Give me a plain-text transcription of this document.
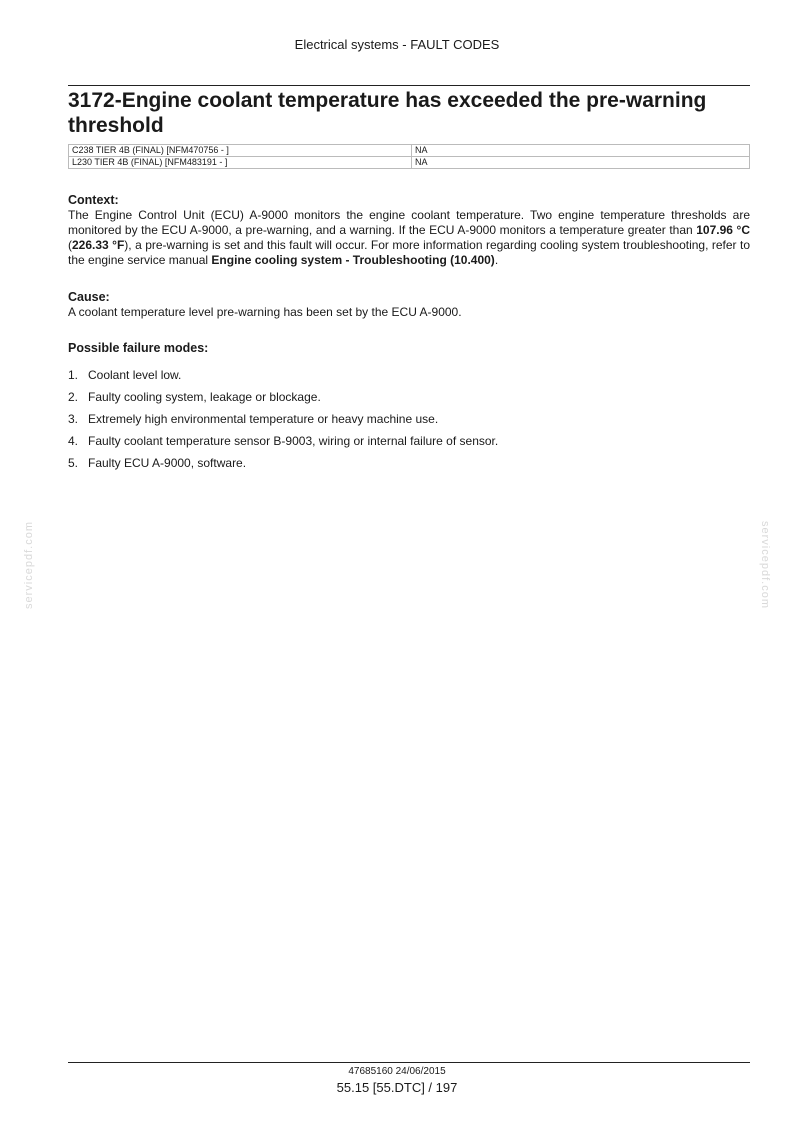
Electrical systems - FAULT CODES
3172-Engine coolant temperature has exceeded the pre-warning threshold
C238 TIER 4B (FINAL) [NFM470756 - ]	NA
L230 TIER 4B (FINAL) [NFM483191 - ]	NA
Context:

The Engine Control Unit (ECU) A-9000 monitors the engine coolant temperature. Two engine temperature thresholds are monitored by the ECU A-9000, a pre-warning, and a warning. If the ECU A-9000 monitors a temperature greater than 107.96 °C (226.33 °F), a pre-warning is set and this fault will occur. For more information regarding cooling system troubleshooting, refer to the engine service manual Engine cooling system - Troubleshooting (10.400).

Cause:

A coolant temperature level pre-warning has been set by the ECU A-9000.

Possible failure modes:
1. Coolant level low.
2. Faulty cooling system, leakage or blockage.
3. Extremely high environmental temperature or heavy machine use.
4. Faulty coolant temperature sensor B-9003, wiring or internal failure of sensor.
5. Faulty ECU A-9000, software.
servicepdf.com	servicepdf.com
47685160 24/06/2015
55.15 [55.DTC] / 197
